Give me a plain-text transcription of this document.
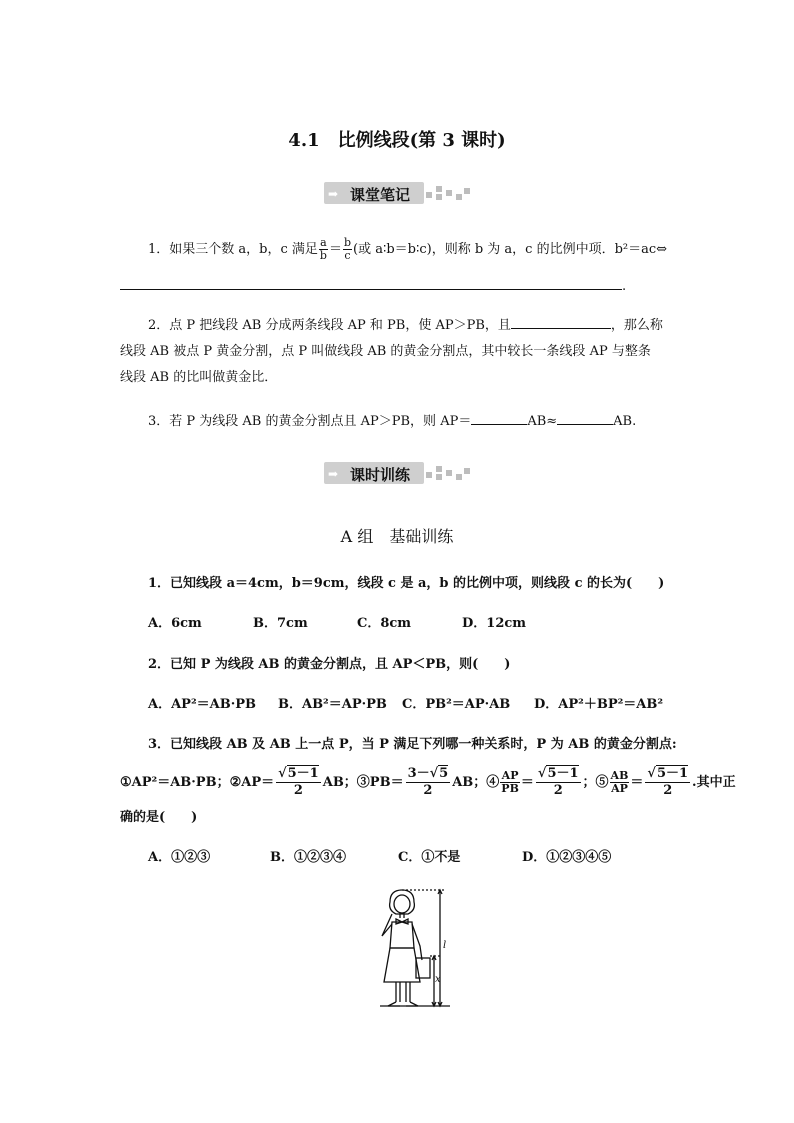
4.1　比例线段(第 3 课时)
➡ 课堂笔记
1．如果三个数 a，b，c 满足 $\frac{a}{b} = \frac{b}{c}$ (或 a∶b＝b∶c)，则称 b 为 a，c 的比例中项．b²＝ac⇔
.
2．点 P 把线段 AB 分成两条线段 AP 和 PB，使 AP＞PB，且	，那么称
线段 AB 被点 P 黄金分割，点 P 叫做线段 AB 的黄金分割点，其中较长一条线段 AP 与整条
线段 AB 的比叫做黄金比．
3．若 P 为线段 AB 的黄金分割点且 AP＞PB，则 AP＝	AB≈	AB.
➡ 课时训练
A 组　基础训练
1．已知线段 a＝4cm，b＝9cm，线段 c 是 a，b 的比例中项，则线段 c 的长为(　　)
A．6cm	B．7cm	C．8cm	D．12cm
2．已知 P 为线段 AB 的黄金分割点，且 AP＜PB，则(　　)
A．AP²＝AB·PB B．AB²＝AP·PB C．PB²＝AP·AB D．AP²＋BP²＝AB²
3．已知线段 AB 及 AB 上一点 P，当 P 满足下列哪一种关系时，P 为 AB 的黄金分割点:
①AP²＝AB·PB；②AP＝ $\frac{√5-1}{2}$ AB；③PB＝ $\frac{3-√5}{2}$ AB；④ $\frac{AP}{PB} = \frac{√5-1}{2}$ ；⑤ $\frac{AB}{AP} = \frac{√5-1}{2}$ .其中正
确的是(　　)
A．①②③	B．①②③④	C．①不是	D．①②③④⑤
l
x
